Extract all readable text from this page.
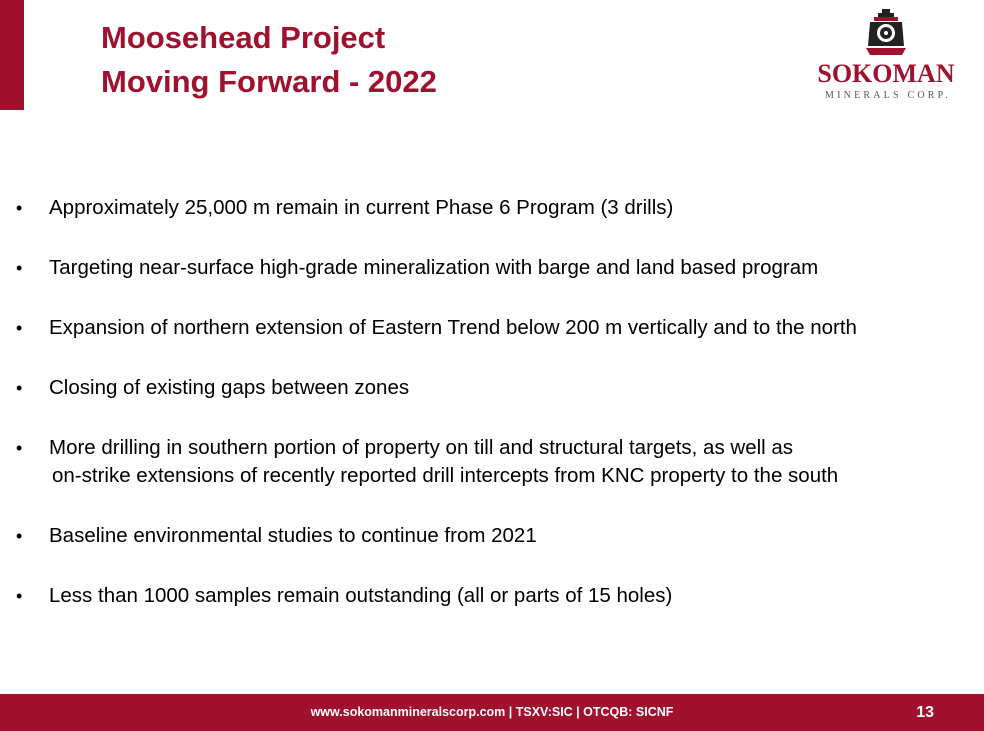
Moosehead Project
Moving Forward - 2022	SOKOMAN
MINERALS CORP.
• Approximately 25,000 m remain in current Phase 6 Program (3 drills)
• Targeting near-surface high-grade mineralization with barge and land based program
• Expansion of northern extension of Eastern Trend below 200 m vertically and to the north
• Closing of existing gaps between zones
• More drilling in southern portion of property on till and structural targets, as well as
on-strike extensions of recently reported drill intercepts from KNC property to the south
• Baseline environmental studies to continue from 2021
• Less than 1000 samples remain outstanding (all or parts of 15 holes)
www.sokomanmineralscorp.com | TSXV:SIC | OTCQB: SICNF	13
